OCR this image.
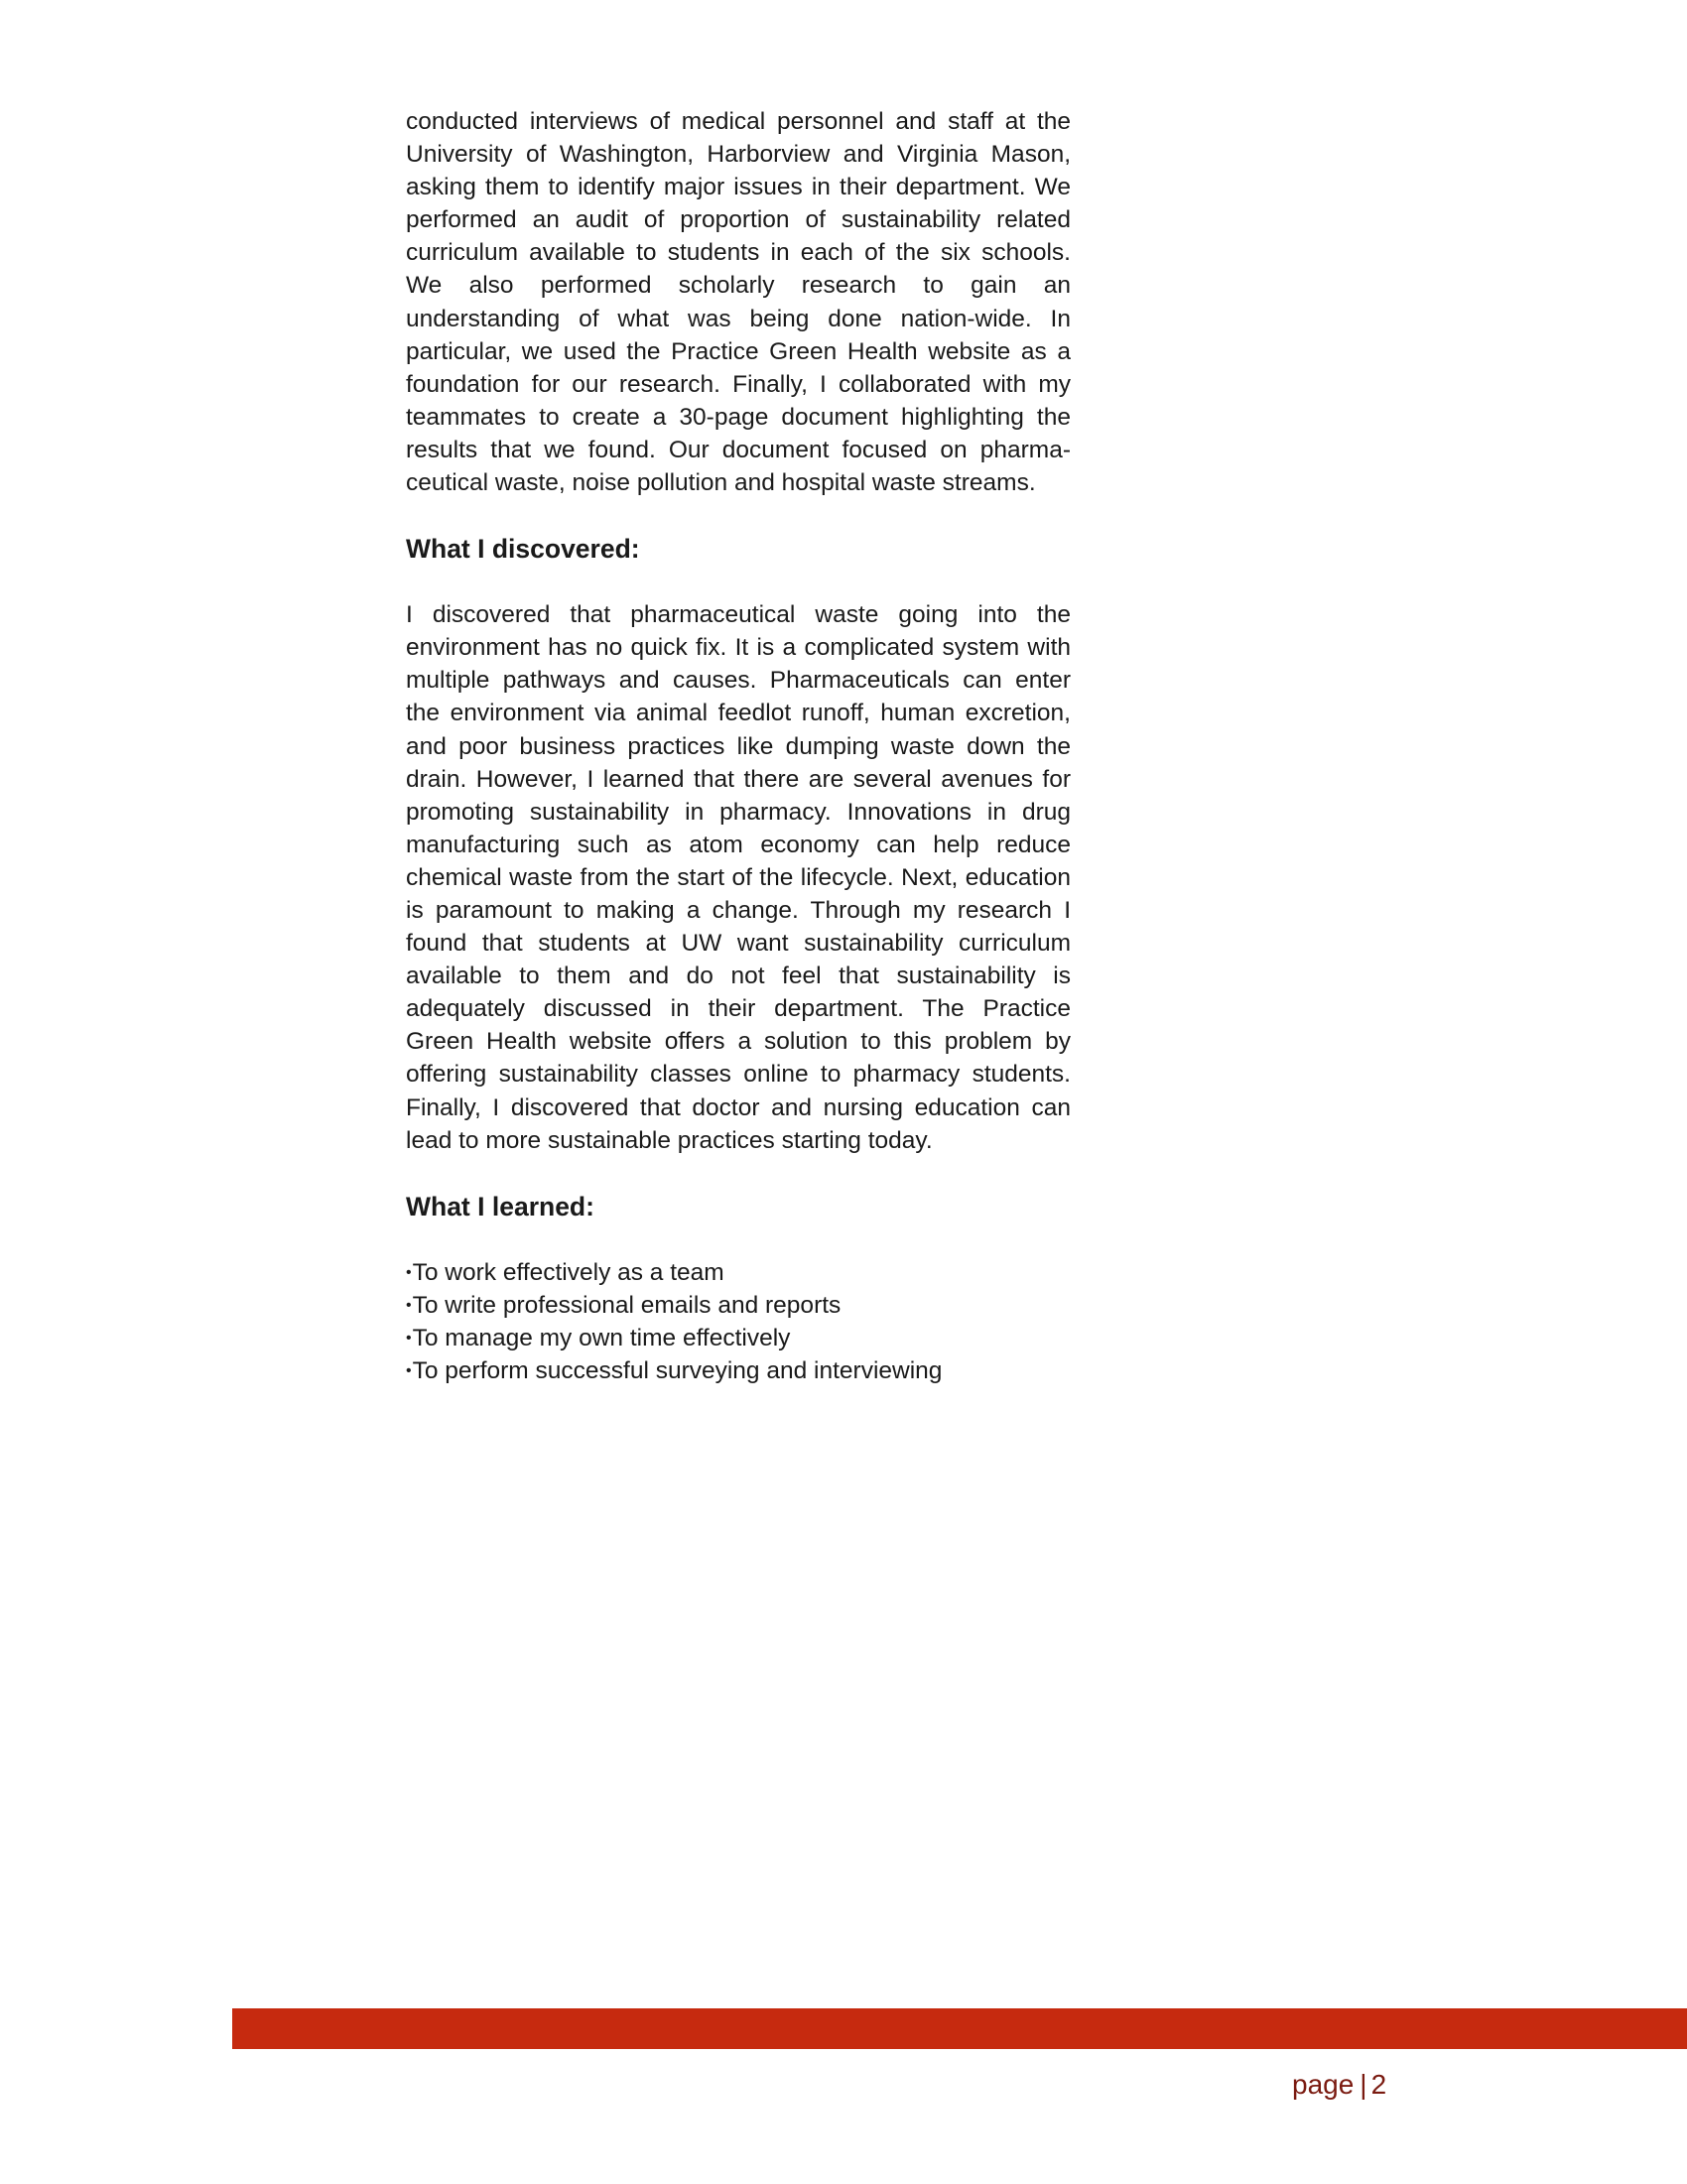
conducted interviews of medical personnel and staff at the University of Washington, Harborview and Virginia Mason, asking them to identify major issues in their department. We performed an audit of proportion of sustainability related curriculum available to students in each of the six schools. We also performed scholarly research to gain an understanding of what was being done nation-wide. In particular, we used the Practice Green Health website as a foundation for our research. Finally, I collaborated with my teammates to create a 30-page document highlighting the results that we found. Our document focused on pharmaceutical waste, noise pollution and hospital waste streams.

What I discovered:

I discovered that pharmaceutical waste going into the environment has no quick fix. It is a complicated system with multiple pathways and causes. Pharmaceuticals can enter the environment via animal feedlot runoff, human excretion, and poor business practices like dumping waste down the drain. However, I learned that there are several avenues for promoting sustainability in pharmacy. Innovations in drug manufacturing such as atom economy can help reduce chemical waste from the start of the lifecycle. Next, education is paramount to making a change. Through my research I found that students at UW want sustainability curriculum available to them and do not feel that sustainability is adequately discussed in their department. The Practice Green Health website offers a solution to this problem by offering sustainability classes online to pharmacy students. Finally, I discovered that doctor and nursing education can lead to more sustainable practices starting today.

What I learned:
•To work effectively as a team
•To write professional emails and reports
•To manage my own time effectively
•To perform successful surveying and interviewing
page | 2
